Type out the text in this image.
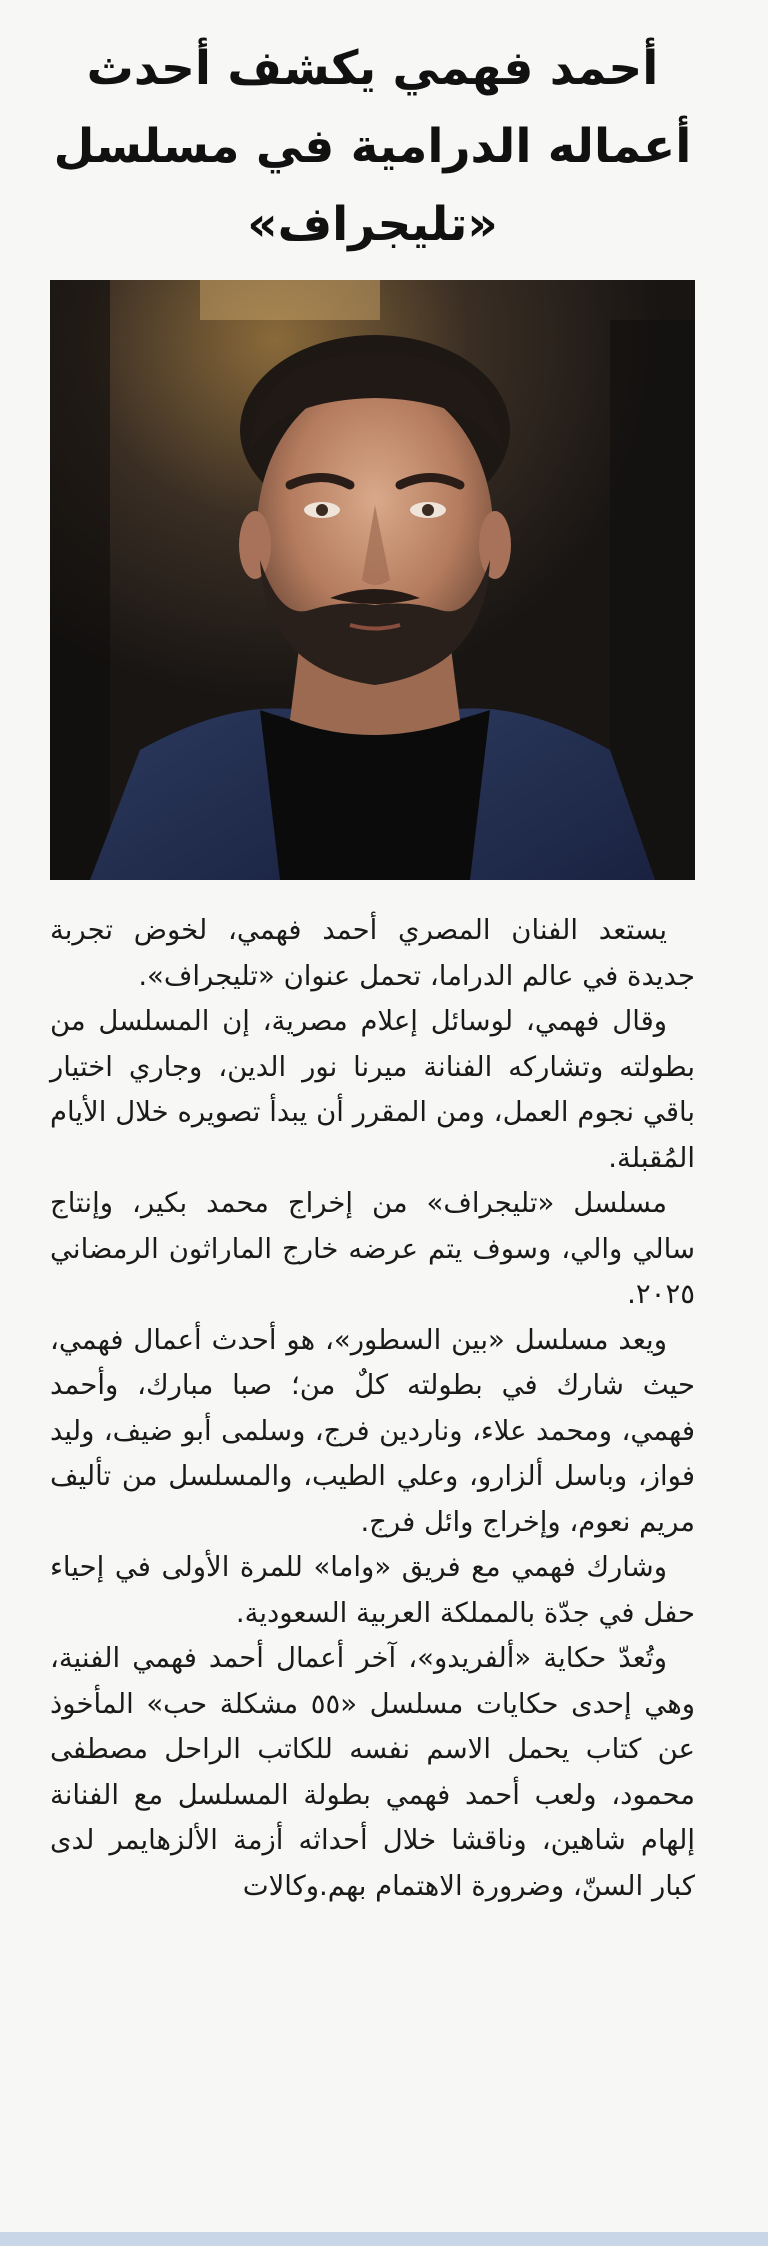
أحمد فهمي يكشف أحدث أعماله الدرامية في مسلسل «تليجراف»

يستعد الفنان المصري أحمد فهمي، لخوض تجربة جديدة في عالم الدراما، تحمل عنوان «تليجراف».

وقال فهمي، لوسائل إعلام مصرية، إن المسلسل من بطولته وتشاركه الفنانة ميرنا نور الدين، وجاري اختيار باقي نجوم العمل، ومن المقرر أن يبدأ تصويره خلال الأيام المُقبلة.

مسلسل «تليجراف» من إخراج محمد بكير، وإنتاج سالي والي، وسوف يتم عرضه خارج الماراثون الرمضاني ٢٠٢٥.

ويعد مسلسل «بين السطور»، هو أحدث أعمال فهمي، حيث شارك في بطولته كلٌ من؛ صبا مبارك، وأحمد فهمي، ومحمد علاء، وناردين فرج، وسلمى أبو ضيف، وليد فواز، وباسل ألزارو، وعلي الطيب، والمسلسل من تأليف مريم نعوم، وإخراج وائل فرج.

وشارك فهمي مع فريق «واما» للمرة الأولى في إحياء حفل في جدّة بالمملكة العربية السعودية.

وتُعدّ حكاية «ألفريدو»، آخر أعمال أحمد فهمي الفنية، وهي إحدى حكايات مسلسل «٥٥ مشكلة حب» المأخوذ عن كتاب يحمل الاسم نفسه للكاتب الراحل مصطفى محمود، ولعب أحمد فهمي بطولة المسلسل مع الفنانة إلهام شاهين، وناقشا خلال أحداثه أزمة الألزهايمر لدى كبار السنّ، وضرورة الاهتمام بهم.وكالات
